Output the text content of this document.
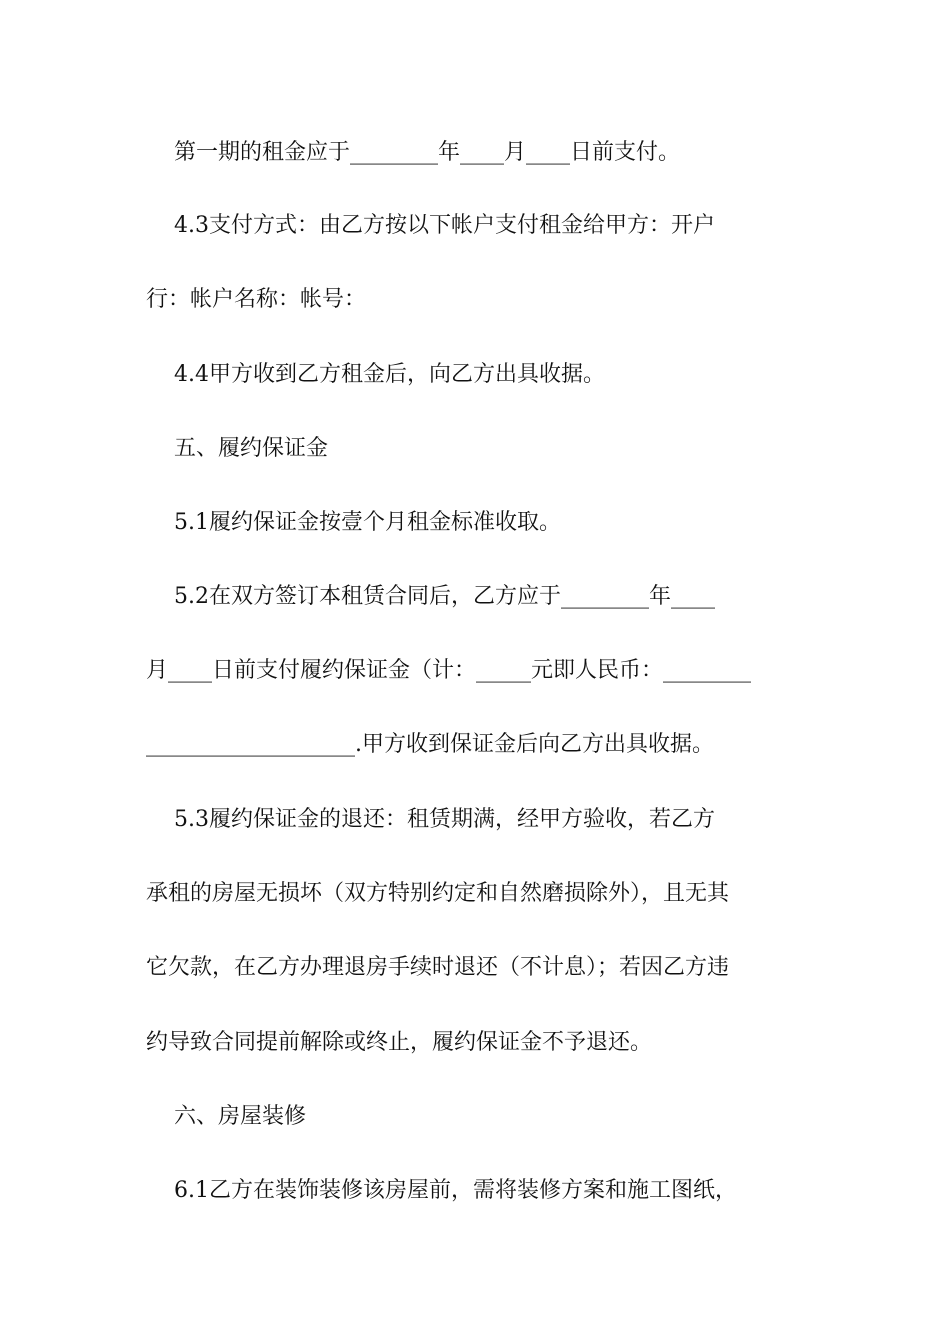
第一期的租金应于________年____月____日前支付。
4.3支付方式：由乙方按以下帐户支付租金给甲方：开户
行：帐户名称：帐号：
4.4甲方收到乙方租金后，向乙方出具收据。
五、履约保证金
5.1履约保证金按壹个月租金标准收取。
5.2在双方签订本租赁合同后，乙方应于________年____
月____日前支付履约保证金（计：_____元即人民币：________
___________________.甲方收到保证金后向乙方出具收据。
5.3履约保证金的退还：租赁期满，经甲方验收，若乙方
承租的房屋无损坏（双方特别约定和自然磨损除外），且无其
它欠款，在乙方办理退房手续时退还（不计息）；若因乙方违
约导致合同提前解除或终止，履约保证金不予退还。
六、房屋装修
6.1乙方在装饰装修该房屋前，需将装修方案和施工图纸，
